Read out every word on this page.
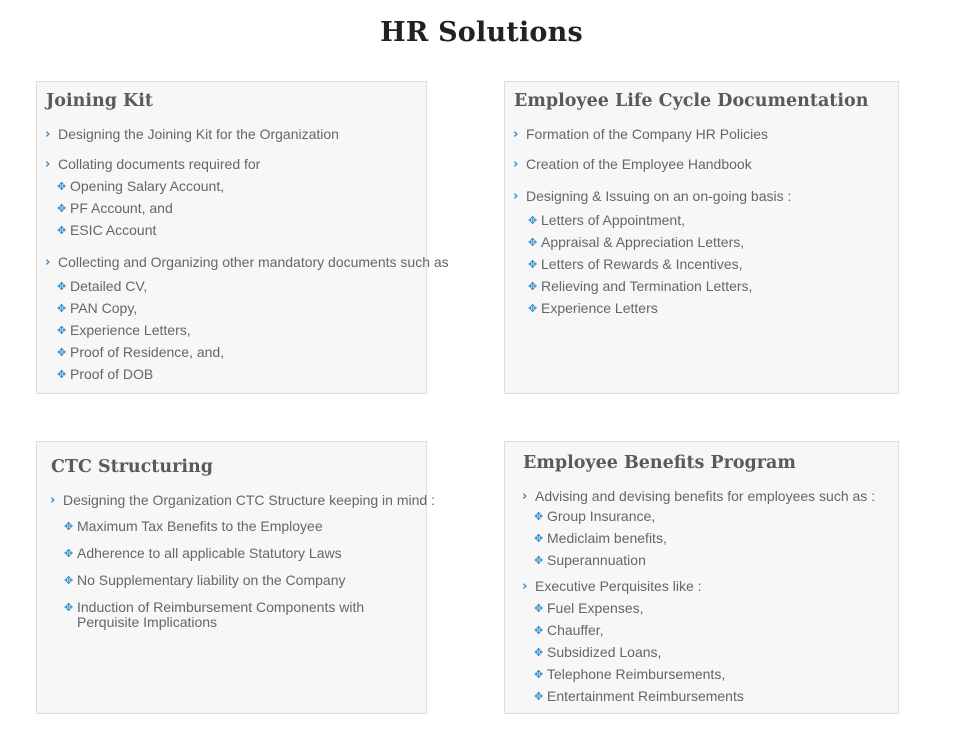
HR Solutions
Joining Kit
› Designing the Joining Kit for the Organization
› Collating documents required for
✥ Opening Salary Account,
✥ PF Account, and
✥ ESIC Account
› Collecting and Organizing other mandatory documents such as
✥ Detailed CV,
✥ PAN Copy,
✥ Experience Letters,
✥ Proof of Residence, and,
✥ Proof of DOB
Employee Life Cycle Documentation
› Formation of the Company HR Policies
› Creation of the Employee Handbook
› Designing & Issuing on an on-going basis :
✥ Letters of Appointment,
✥ Appraisal & Appreciation Letters,
✥ Letters of Rewards & Incentives,
✥ Relieving and Termination Letters,
✥ Experience Letters
CTC Structuring
› Designing the Organization CTC Structure keeping in mind :
✥ Maximum Tax Benefits to the Employee
✥ Adherence to all applicable Statutory Laws
✥ No Supplementary liability on the Company
✥ Induction of Reimbursement Components with Perquisite Implications
Employee Benefits Program
› Advising and devising benefits for employees such as :
✥ Group Insurance,
✥ Mediclaim benefits,
✥ Superannuation
› Executive Perquisites like :
✥ Fuel Expenses,
✥ Chauffer,
✥ Subsidized Loans,
✥ Telephone Reimbursements,
✥ Entertainment Reimbursements
